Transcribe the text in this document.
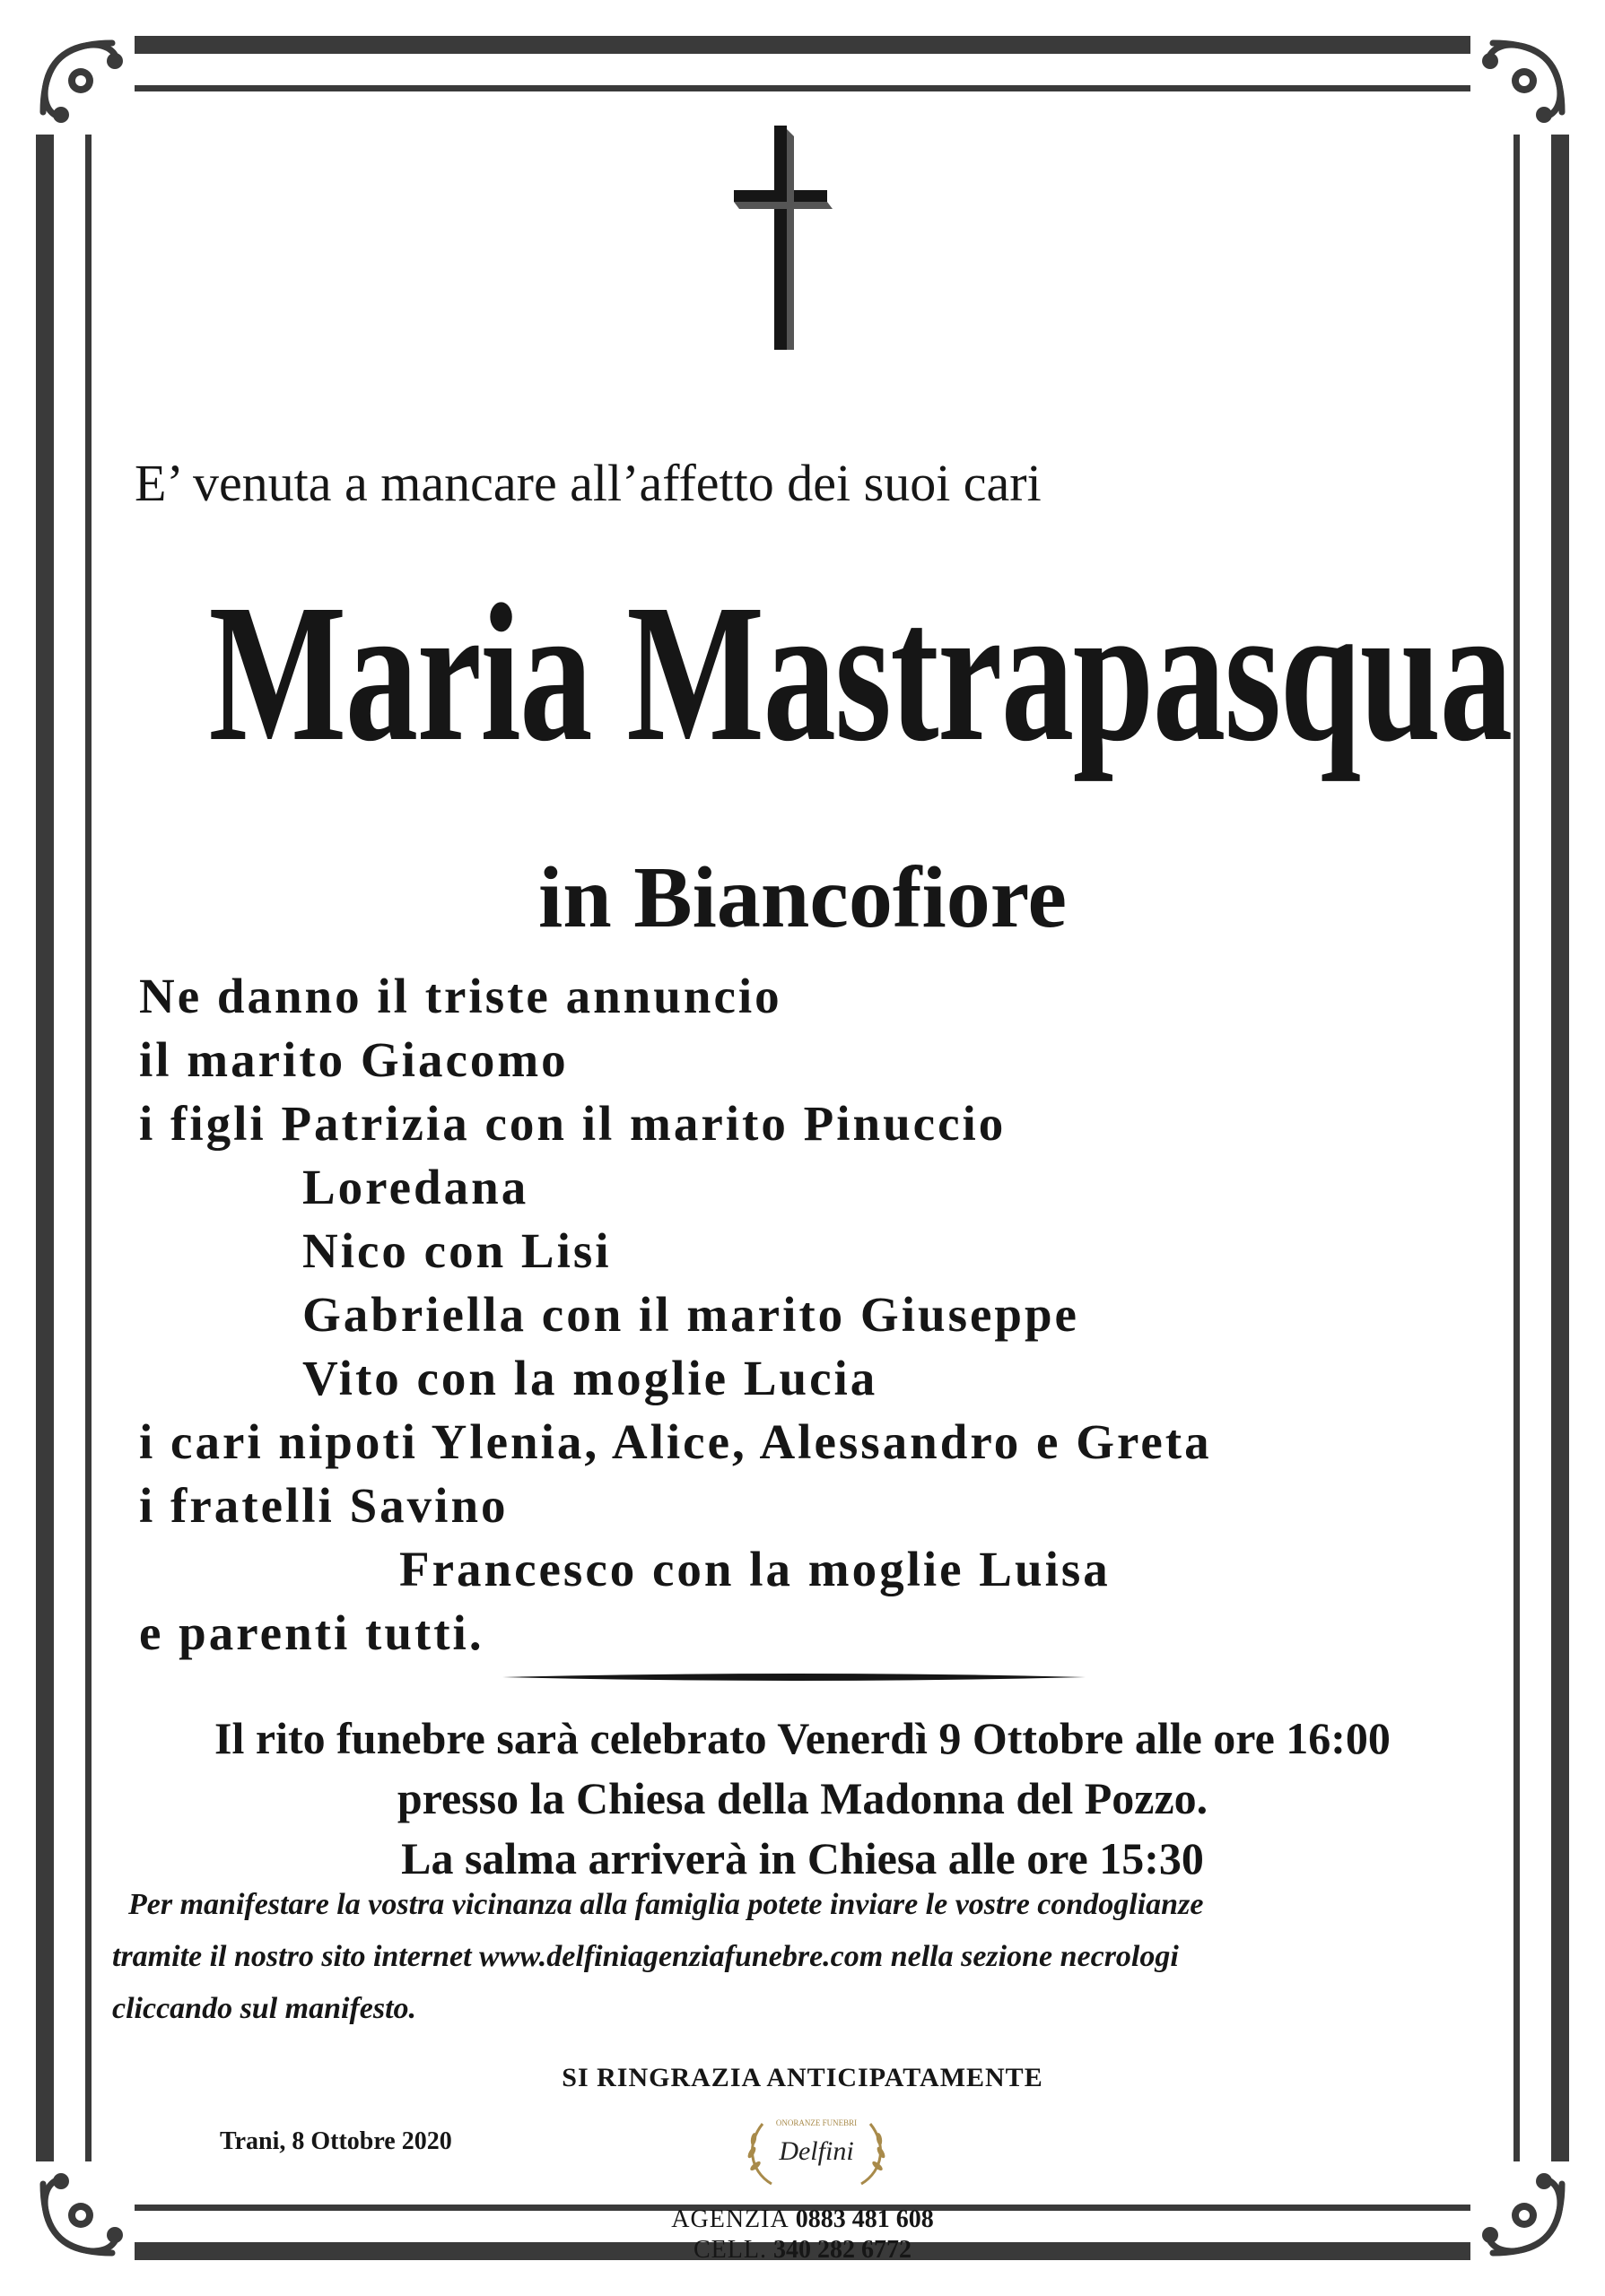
E’ venuta a mancare all’affetto dei suoi cari
Maria Mastrapasqua
in Biancofiore
Ne danno il triste annuncio
il marito Giacomo
i figli Patrizia con il marito Pinuccio
Loredana
Nico con Lisi
Gabriella con il marito Giuseppe
Vito con la moglie Lucia
i cari nipoti Ylenia, Alice, Alessandro e Greta
i fratelli Savino
Francesco con la moglie Luisa
e parenti tutti.
Il rito funebre sarà celebrato Venerdì 9 Ottobre alle ore 16:00
presso la Chiesa della Madonna del Pozzo.
La salma arriverà in Chiesa alle ore 15:30
Per manifestare la vostra vicinanza alla famiglia potete inviare le vostre condoglianze
tramite il nostro sito internet www.delfiniagenziafunebre.com nella sezione necrologi
cliccando sul manifesto.
SI RINGRAZIA ANTICIPATAMENTE
Trani, 8 Ottobre 2020
ONORANZE FUNEBRI
Delfini
AGENZIA 0883 481 608
CELL. 340 282 6772
